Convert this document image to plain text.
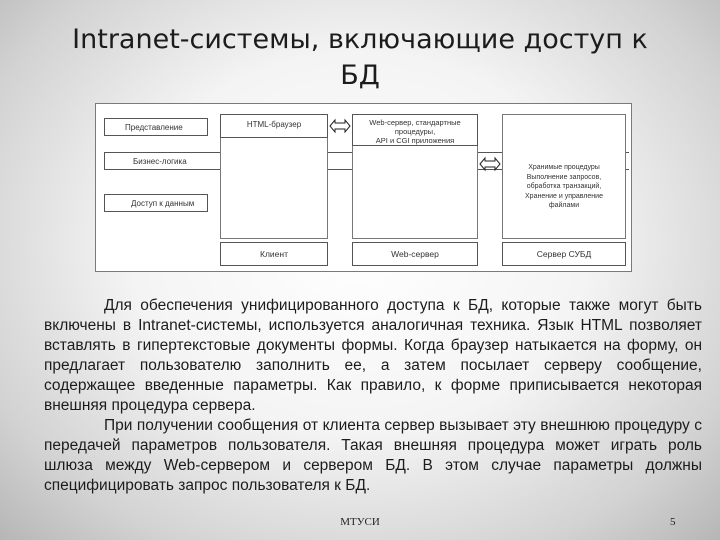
Intranet-системы, включающие доступ к
БД
Представление
Бизнес-логика
Доступ к данным
HTML-браузер
Клиент
Web-сервер, стандартные
процедуры,
API и CGI приложения
Web-сервер
Хранимые процедуры
Выполнение запросов,
обработка транзакций,
Хранение и управление
файлами
Сервер СУБД

Для обеспечения унифицированного доступа к БД, которые также могут быть включены в Intranet-системы, используется аналогичная техника. Язык HTML позволяет вставлять в гипертекстовые документы формы. Когда браузер натыкается на форму, он предлагает пользователю заполнить ее, а затем посылает серверу сообщение, содержащее введенные параметры. Как правило, к форме приписывается некоторая внешняя процедура сервера.

При получении сообщения от клиента сервер вызывает эту внешнюю процедуру с передачей параметров пользователя. Такая внешняя процедура может играть роль шлюза между Web-сервером и сервером БД. В этом случае параметры должны специфицировать запрос пользователя к БД.

МТУСИ	5
